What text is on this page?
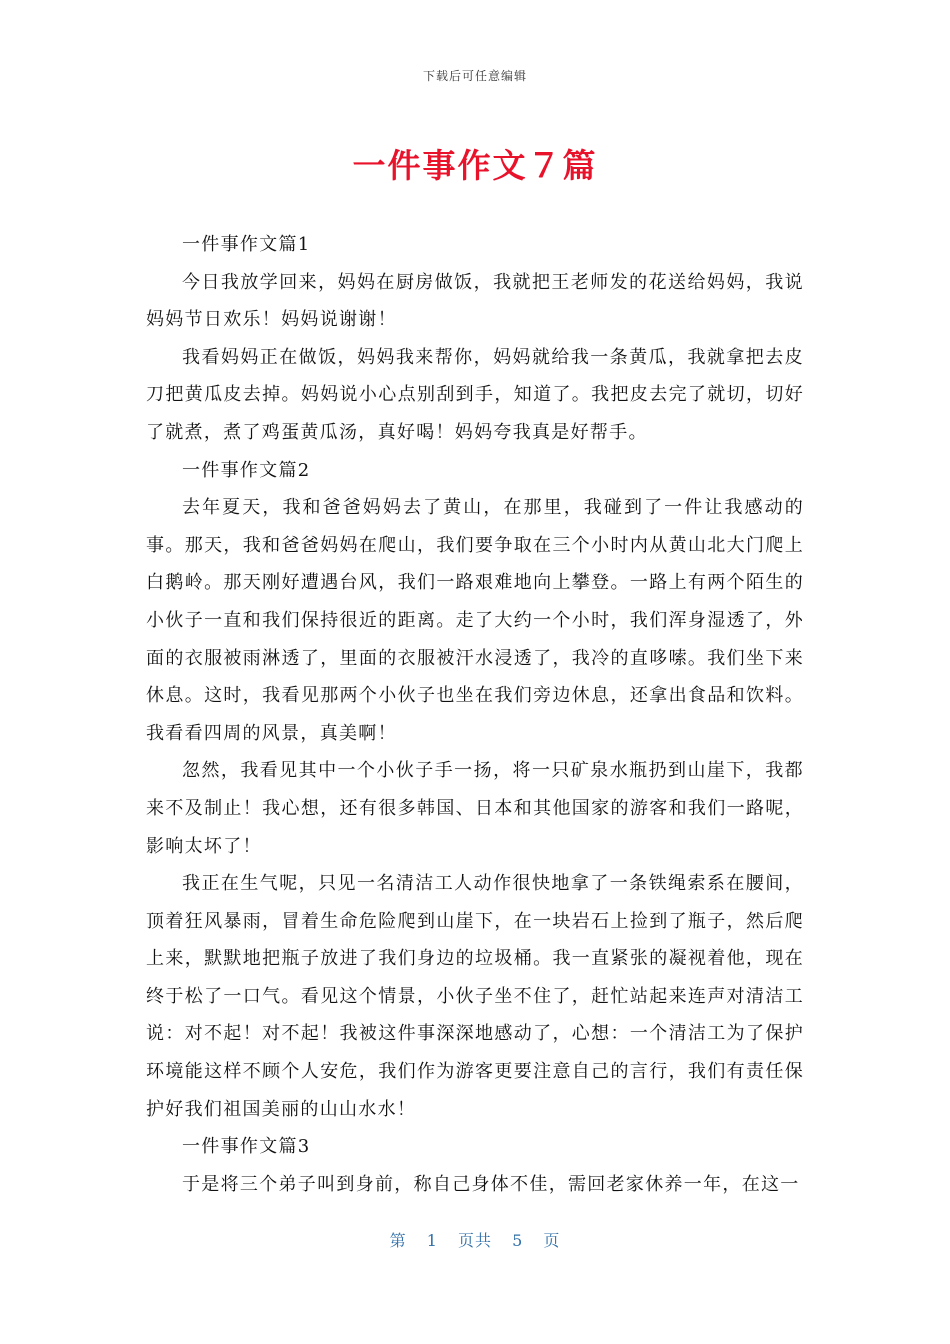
下载后可任意编辑
一件事作文７篇

一件事作文篇1

今日我放学回来，妈妈在厨房做饭，我就把王老师发的花送给妈妈，我说妈妈节日欢乐！妈妈说谢谢！

我看妈妈正在做饭，妈妈我来帮你，妈妈就给我一条黄瓜，我就拿把去皮刀把黄瓜皮去掉。妈妈说小心点别刮到手，知道了。我把皮去完了就切，切好了就煮，煮了鸡蛋黄瓜汤，真好喝！妈妈夸我真是好帮手。

一件事作文篇2

去年夏天，我和爸爸妈妈去了黄山，在那里，我碰到了一件让我感动的事。那天，我和爸爸妈妈在爬山，我们要争取在三个小时内从黄山北大门爬上白鹅岭。那天刚好遭遇台风，我们一路艰难地向上攀登。一路上有两个陌生的小伙子一直和我们保持很近的距离。走了大约一个小时，我们浑身湿透了，外面的衣服被雨淋透了，里面的衣服被汗水浸透了，我冷的直哆嗦。我们坐下来休息。这时，我看见那两个小伙子也坐在我们旁边休息，还拿出食品和饮料。我看看四周的风景，真美啊！

忽然，我看见其中一个小伙子手一扬，将一只矿泉水瓶扔到山崖下，我都来不及制止！我心想，还有很多韩国、日本和其他国家的游客和我们一路呢，影响太坏了！

我正在生气呢，只见一名清洁工人动作很快地拿了一条铁绳索系在腰间，顶着狂风暴雨，冒着生命危险爬到山崖下，在一块岩石上捡到了瓶子，然后爬上来，默默地把瓶子放进了我们身边的垃圾桶。我一直紧张的凝视着他，现在终于松了一口气。看见这个情景，小伙子坐不住了，赶忙站起来连声对清洁工说：对不起！对不起！我被这件事深深地感动了，心想：一个清洁工为了保护环境能这样不顾个人安危，我们作为游客更要注意自己的言行，我们有责任保护好我们祖国美丽的山山水水！

一件事作文篇3

于是将三个弟子叫到身前，称自己身体不佳，需回老家休养一年，在这一

第 1 页共 5 页
